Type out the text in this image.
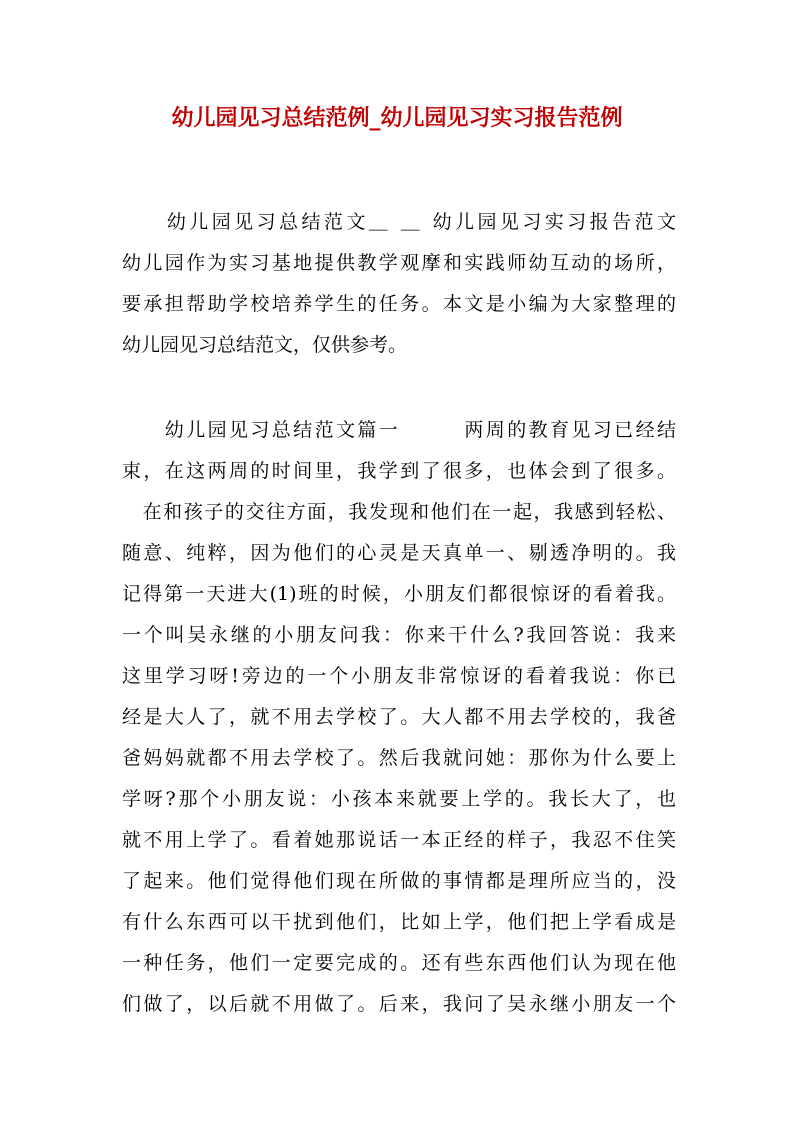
幼儿园见习总结范例_幼儿园见习实习报告范例
　　幼儿园见习总结范文＿ ＿ 幼儿园见习实习报告范文
幼儿园作为实习基地提供教学观摩和实践师幼互动的场所，
要承担帮助学校培养学生的任务。本文是小编为大家整理的
幼儿园见习总结范文，仅供参考。
　　幼儿园见习总结范文篇一　　　两周的教育见习已经结
束，在这两周的时间里，我学到了很多，也体会到了很多。
　在和孩子的交往方面，我发现和他们在一起，我感到轻松、
随意、纯粹，因为他们的心灵是天真单一、剔透净明的。我
记得第一天进大(1)班的时候，小朋友们都很惊讶的看着我。
一个叫吴永继的小朋友问我：你来干什么?我回答说：我来
这里学习呀!旁边的一个小朋友非常惊讶的看着我说：你已
经是大人了，就不用去学校了。大人都不用去学校的，我爸
爸妈妈就都不用去学校了。然后我就问她：那你为什么要上
学呀?那个小朋友说：小孩本来就要上学的。我长大了，也
就不用上学了。看着她那说话一本正经的样子，我忍不住笑
了起来。他们觉得他们现在所做的事情都是理所应当的，没
有什么东西可以干扰到他们，比如上学，他们把上学看成是
一种任务，他们一定要完成的。还有些东西他们认为现在他
们做了，以后就不用做了。后来，我问了吴永继小朋友一个
